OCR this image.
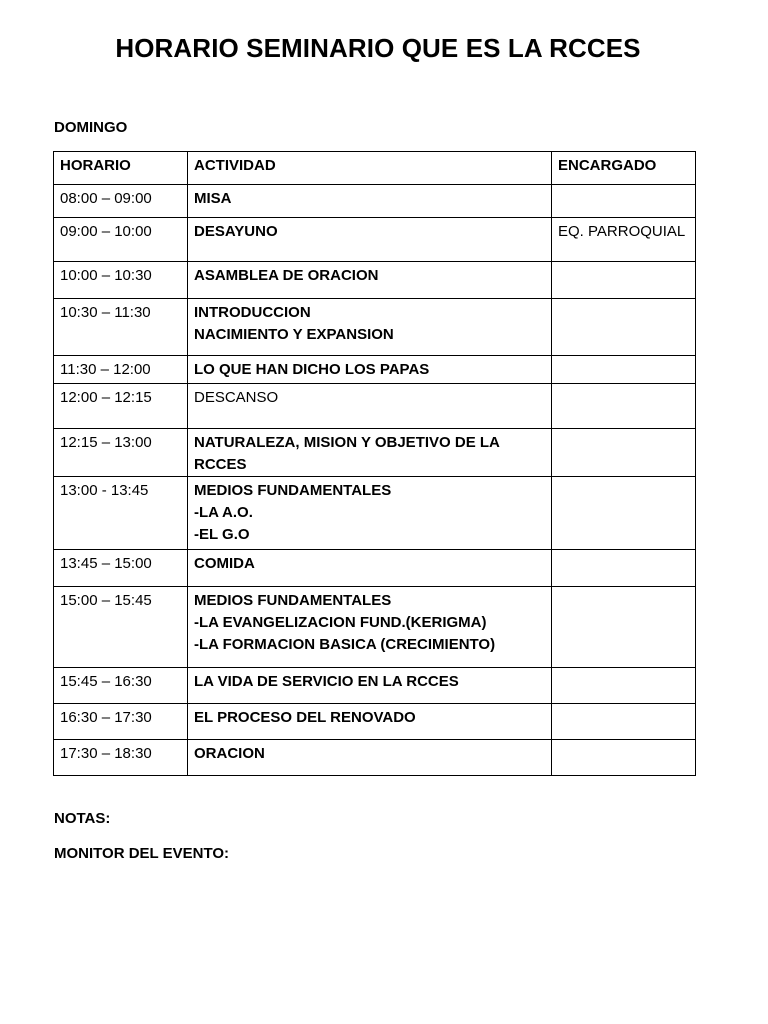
HORARIO SEMINARIO QUE ES LA RCCES
DOMINGO
HORARIO	ACTIVIDAD	ENCARGADO
08:00 – 09:00	MISA	

09:00 – 10:00	DESAYUNO	EQ. PARROQUIAL
10:00 – 10:30	ASAMBLEA DE ORACION	

10:30 – 11:30	INTRODUCCION
NACIMIENTO Y EXPANSION	

11:30 – 12:00	LO QUE HAN DICHO LOS PAPAS	

12:00 – 12:15	DESCANSO	

12:15 – 13:00	NATURALEZA, MISION Y OBJETIVO DE LA RCCES	

13:00 - 13:45	MEDIOS FUNDAMENTALES
-LA A.O.
-EL G.O	

13:45 – 15:00	COMIDA	

15:00 – 15:45	MEDIOS FUNDAMENTALES
-LA EVANGELIZACION FUND.(KERIGMA)
-LA FORMACION BASICA (CRECIMIENTO)	

15:45 – 16:30	LA VIDA DE SERVICIO EN LA RCCES	

16:30 – 17:30	EL PROCESO DEL RENOVADO	

17:30 – 18:30	ORACION	

NOTAS:
MONITOR DEL EVENTO:
